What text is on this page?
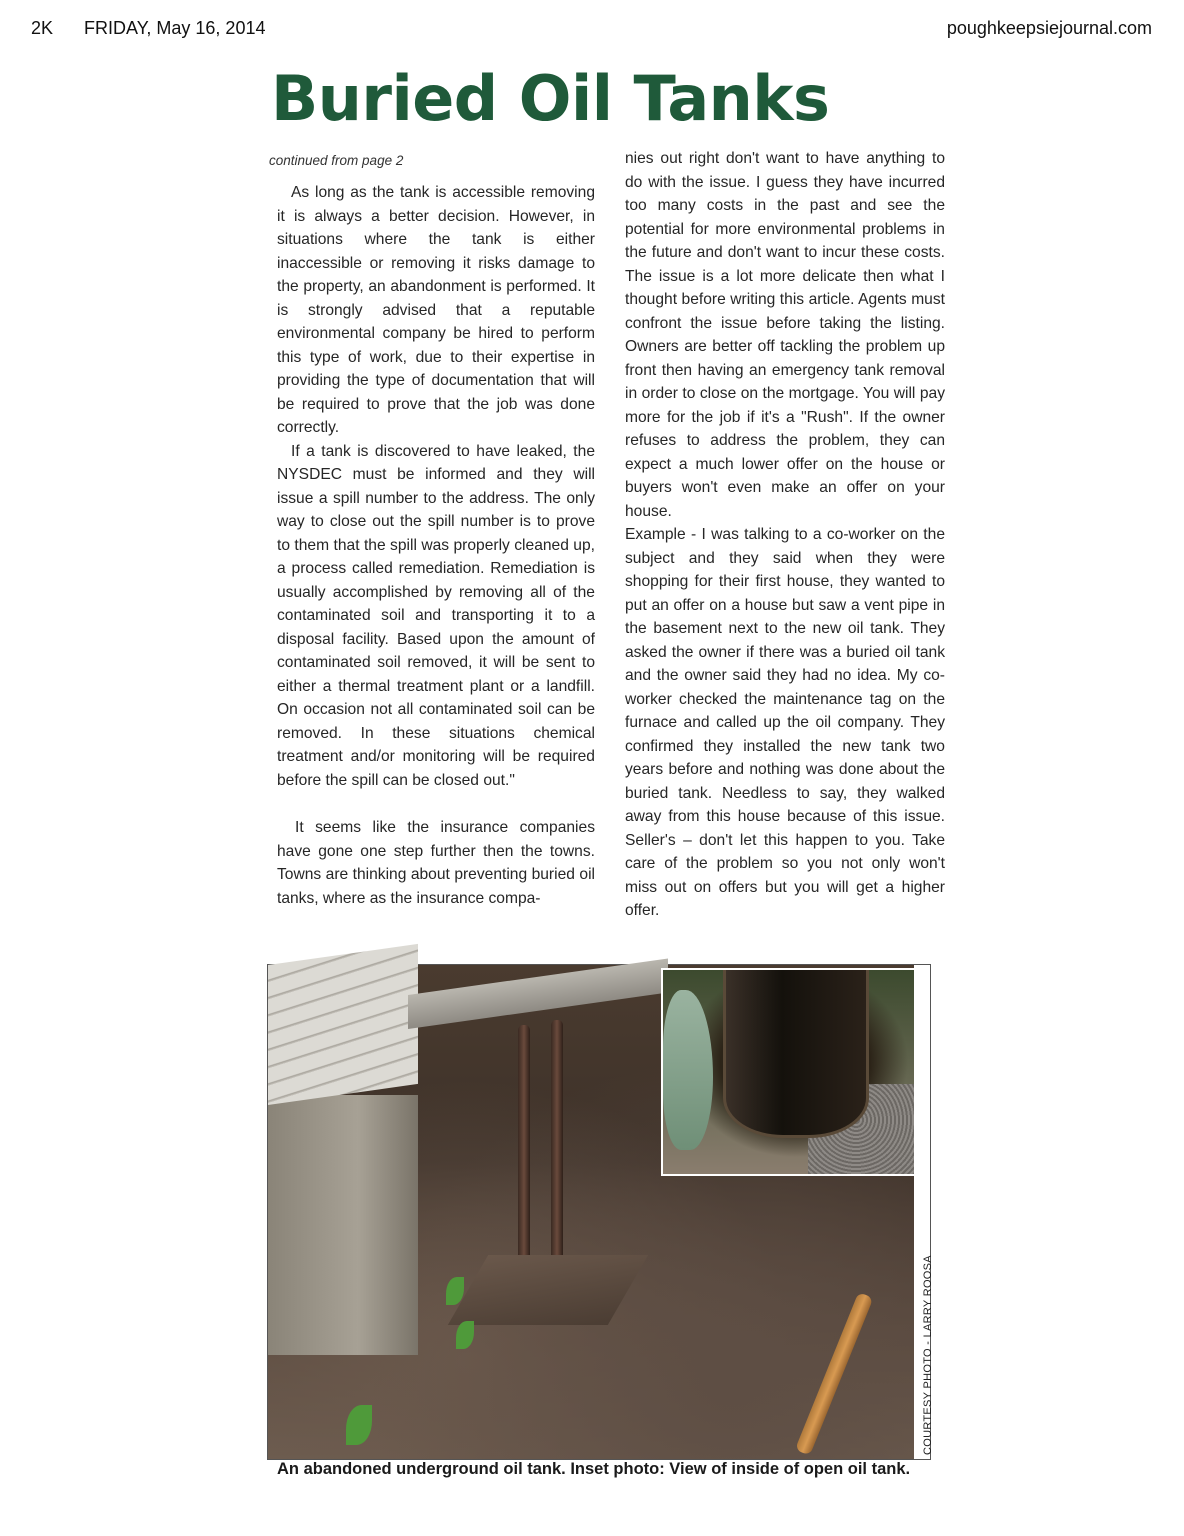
2K FRIDAY, May 16, 2014	poughkeepsiejournal.com
Buried Oil Tanks

continued from page 2

As long as the tank is accessible removing it is always a better decision. However, in situations where the tank is either inaccessible or removing it risks damage to the property, an abandonment is performed. It is strongly advised that a reputable environmental company be hired to perform this type of work, due to their expertise in providing the type of documentation that will be required to prove that the job was done correctly.

If a tank is discovered to have leaked, the NYSDEC must be informed and they will issue a spill number to the address. The only way to close out the spill number is to prove to them that the spill was properly cleaned up, a process called remediation. Remediation is usually accomplished by removing all of the contaminated soil and transporting it to a disposal facility. Based upon the amount of contaminated soil removed, it will be sent to either a thermal treatment plant or a landfill. On occasion not all contaminated soil can be removed. In these situations chemical treatment and/or monitoring will be required before the spill can be closed out."

It seems like the insurance companies have gone one step further then the towns. Towns are thinking about preventing buried oil tanks, where as the insurance compa-

nies out right don't want to have anything to do with the issue. I guess they have incurred too many costs in the past and see the potential for more environmental problems in the future and don't want to incur these costs. The issue is a lot more delicate then what I thought before writing this article. Agents must confront the issue before taking the listing. Owners are better off tackling the problem up front then having an emergency tank removal in order to close on the mortgage. You will pay more for the job if it's a "Rush". If the owner refuses to address the problem, they can expect a much lower offer on the house or buyers won't even make an offer on your house.

Example - I was talking to a co-worker on the subject and they said when they were shopping for their first house, they wanted to put an offer on a house but saw a vent pipe in the basement next to the new oil tank. They asked the owner if there was a buried oil tank and the owner said they had no idea. My co-worker checked the maintenance tag on the furnace and called up the oil company. They confirmed they installed the new tank two years before and nothing was done about the buried tank. Needless to say, they walked away from this house because of this issue. Seller's – don't let this happen to you. Take care of the problem so you not only won't miss out on offers but you will get a higher offer.

COURTESY PHOTO - LARRY ROOSA
An abandoned underground oil tank. Inset photo: View of inside of open oil tank.
